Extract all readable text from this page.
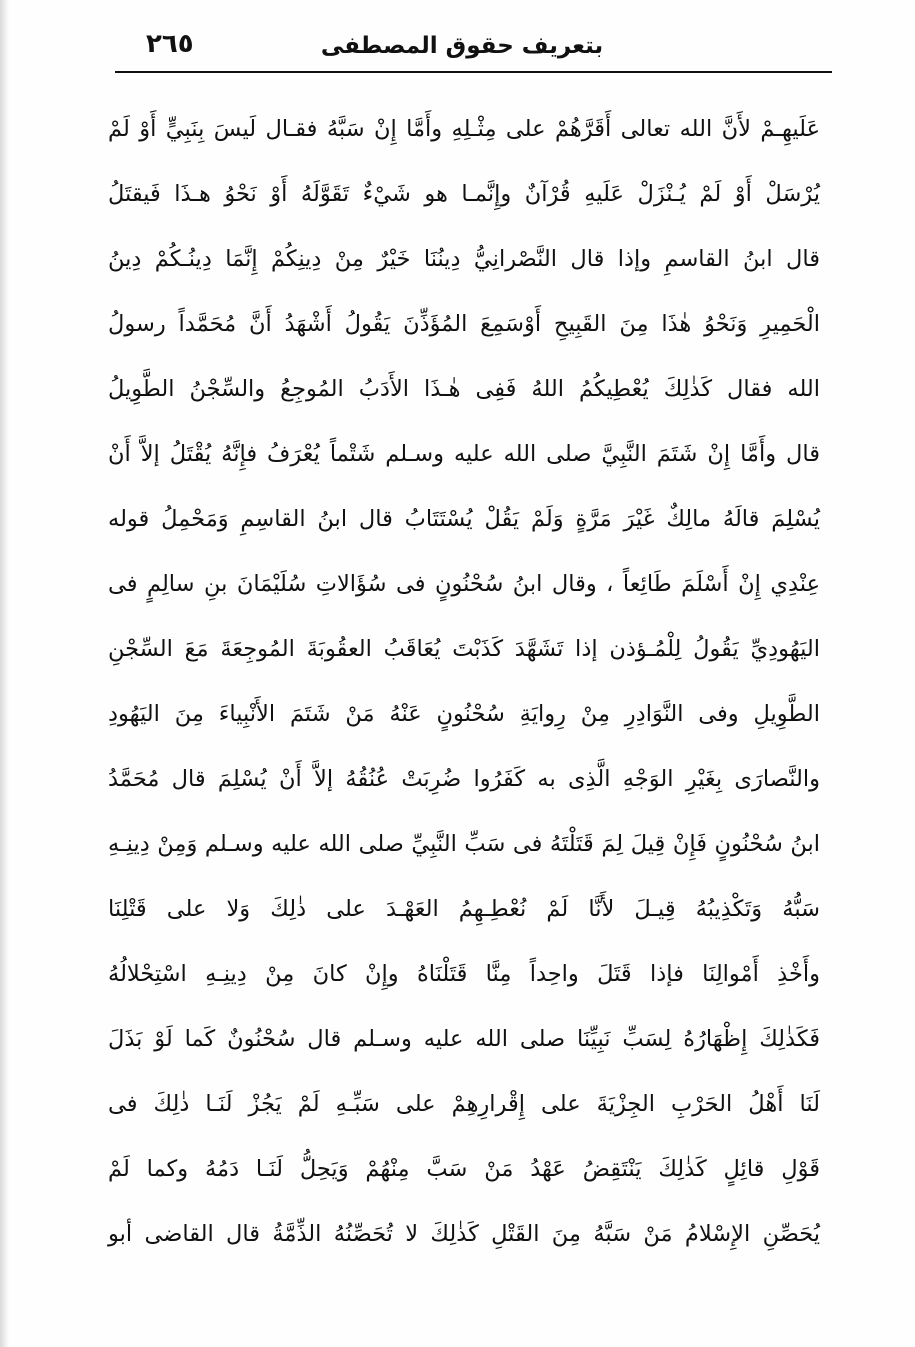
٢٦٥	بتعريف حقوق المصطفى
عَلَيهِـمْ لأَنَّ الله تعالى أَقَرَّهُمْ على مِثْـلِهِ وأَمَّا إِنْ سَبَّهُ فقـال لَيسَ بِنَبِيٍّ أَوْ لَمْ
يُرْسَلْ أَوْ لَمْ يُـنْزَلْ عَلَيهِ قُرْآنٌ وإِنَّمـا هو شَيْءٌ تَقَوَّلَهُ أَوْ نَحْوُ هـذَا فَيقتَلُ
قال ابنُ القاسمِ وإذا قال النَّصْرانِيُّ دِينُنَا خَيْرٌ مِنْ دِينِكُمْ إِنَّمَا دِينُـكُمْ دِينُ
الْحَمِيرِ وَنَحْوُ هٰذَا مِنَ القَبِيحِ أَوْسَمِعَ المُؤَذِّنَ يَقُولُ أَشْهَدُ أَنَّ مُحَمَّداً رسولُ
الله فقال كَذٰلِكَ يُعْطِيكُمُ اللهُ فَفِى هٰـذَا الأَدَبُ المُوجِعُ والسِّجْنُ الطَّوِيلُ
قال وأَمَّا إِنْ شَتَمَ النَّبِيَّ صلى الله عليه وسـلم شَتْماً يُعْرَفُ فإِنَّهُ يُقْتَلُ إلاَّ أَنْ
يُسْلِمَ قالَهُ مالِكٌ غَيْرَ مَرَّةٍ وَلَمْ يَقُلْ يُسْتَتَابُ قال ابنُ القاسِمِ وَمَحْمِلُ قوله
عِنْدِي إِنْ أَسْلَمَ طَائِعاً ، وقال ابنُ سُحْنُونٍ فى سُؤَالاتِ سُلَيْمَانَ بنِ سالِمٍ فى
اليَهُودِيِّ يَقُولُ لِلْمُـؤذن إذا تَشَهَّدَ كَذَبْتَ يُعَاقَبُ العقُوبَةَ المُوجِعَةَ مَعَ السِّجْنِ
الطَّوِيلِ وفى النَّوَادِرِ مِنْ رِوايَةِ سُحْنُونٍ عَنْهُ مَنْ شَتَمَ الأَنْبِياءَ مِنَ اليَهُودِ
والنَّصارَى بِغَيْرِ الوَجْهِ الَّذِى به كَفَرُوا ضُرِبَتْ عُنُقُهُ إلاَّ أَنْ يُسْلِمَ قال مُحَمَّدُ
ابنُ سُحْنُونٍ فَإِنْ قِيلَ لِمَ قَتَلْتَهُ فى سَبِّ النَّبِيِّ صلى الله عليه وسـلم وَمِنْ دِينِـهِ
سَبُّهُ وَتَكْذِيبُهُ قِيـلَ لأَنَّا لَمْ نُعْطِـهِمُ العَهْـدَ على ذٰلِكَ وَلا على قَتْلِنَا
وأَخْذِ أَمْوالِنَا فإذا قَتَلَ واحِداً مِنَّا قَتَلْنَاهُ وإِنْ كانَ مِنْ دِينِـهِ اسْتِحْلالُهُ
فَكَذٰلِكَ إِظْهَارُهُ لِسَبِّ نَبِيِّنَا صلى الله عليه وسـلم قال سُحْنُونٌ كَما لَوْ بَذَلَ
لَنَا أَهْلُ الحَرْبِ الجِزْيَةَ على إِقْرارِهِمْ على سَبِّـهِ لَمْ يَجُزْ لَنَـا ذٰلِكَ فى
قَوْلِ قائِلٍ كَذٰلِكَ يَنْتَقِضُ عَهْدُ مَنْ سَبَّ مِنْهُمْ وَيَحِلُّ لَنَـا دَمُهُ وكما لَمْ
يُحَصِّنِ الإِسْلامُ مَنْ سَبَّهُ مِنَ القَتْلِ كَذٰلِكَ لا تُحَصِّنُهُ الذِّمَّةُ قال القاضى أبو
